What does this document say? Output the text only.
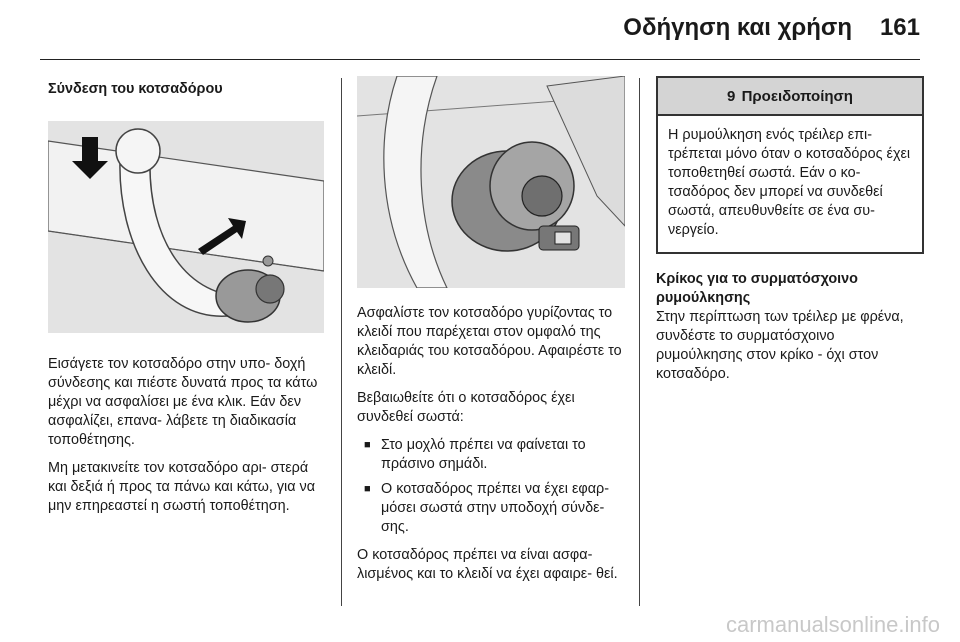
Οδήγηση και χρήση 161
Σύνδεση του κοτσαδόρου

Εισάγετε τον κοτσαδόρο στην υπο- δοχή σύνδεσης και πιέστε δυνατά προς τα κάτω μέχρι να ασφαλίσει με ένα κλικ. Εάν δεν ασφαλίζει, επανα- λάβετε τη διαδικασία τοποθέτησης.

Μη μετακινείτε τον κοτσαδόρο αρι- στερά και δεξιά ή προς τα πάνω και κάτω, για να μην επηρεαστεί η σωστή τοποθέτηση.

Ασφαλίστε τον κοτσαδόρο γυρίζοντας το κλειδί που παρέχεται στον ομφαλό της κλειδαριάς του κοτσαδόρου. Αφαιρέστε το κλειδί.

Βεβαιωθείτε ότι ο κοτσαδόρος έχει συνδεθεί σωστά:

■ Στο μοχλό πρέπει να φαίνεται το πράσινο σημάδι.
■ Ο κοτσαδόρος πρέπει να έχει εφαρ- μόσει σωστά στην υποδοχή σύνδε- σης.

Ο κοτσαδόρος πρέπει να είναι ασφα- λισμένος και το κλειδί να έχει αφαιρε- θεί.

9 Προειδοποίηση
Η ρυμούλκηση ενός τρέιλερ επι- τρέπεται μόνο όταν ο κοτσαδόρος έχει τοποθετηθεί σωστά. Εάν ο κο- τσαδόρος δεν μπορεί να συνδεθεί σωστά, απευθυνθείτε σε ένα συ- νεργείο.
Κρίκος για το συρματόσχοινο ρυμούλκησης

Στην περίπτωση των τρέιλερ με φρένα, συνδέστε το συρματόσχοινο ρυμούλκησης στον κρίκο - όχι στον κοτσαδόρο.

carmanualsonline.info
